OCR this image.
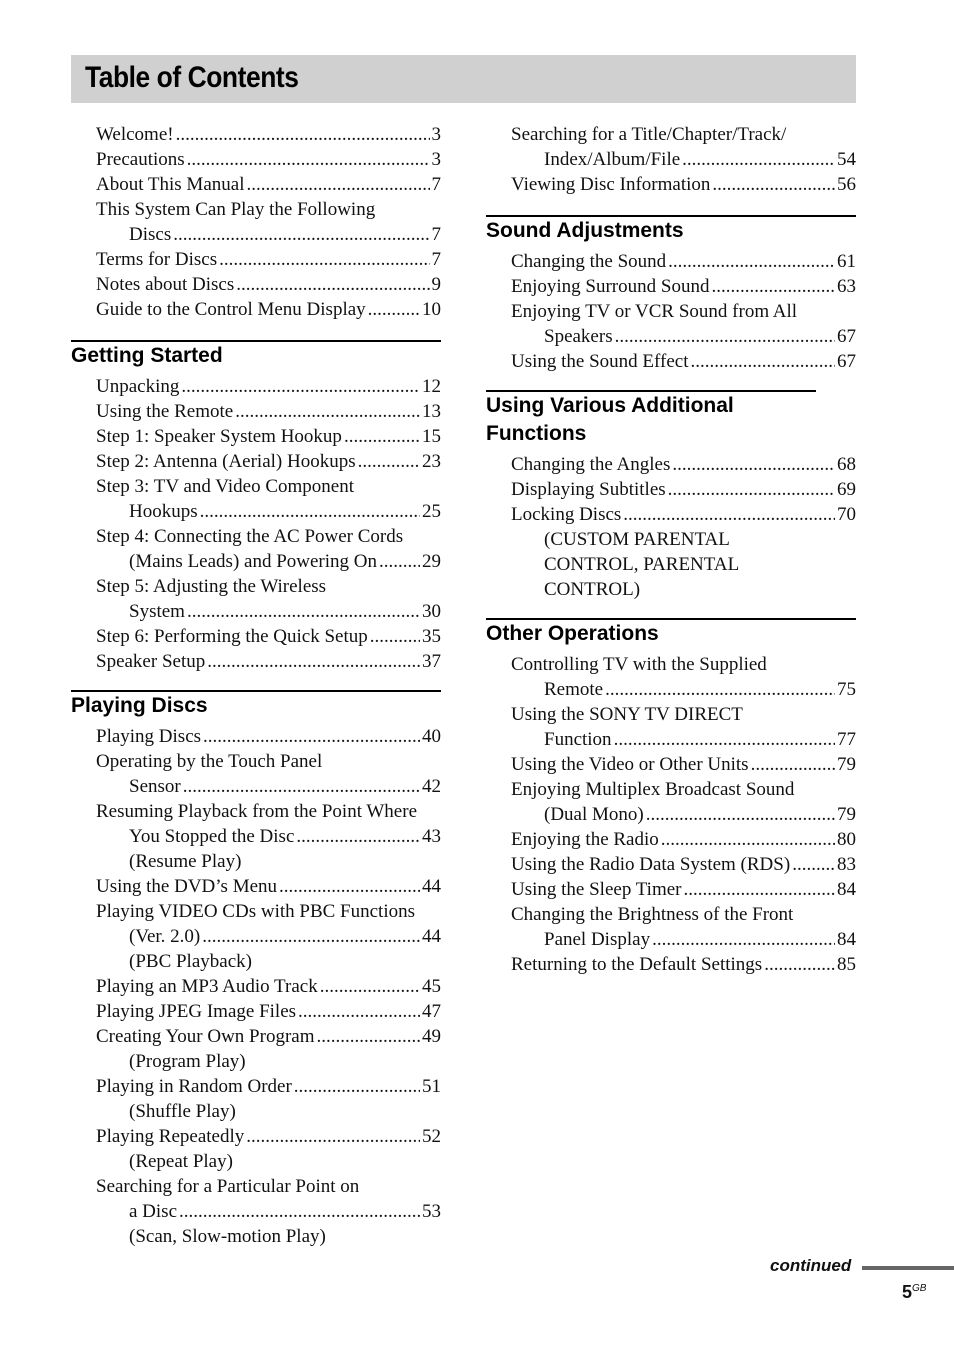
Table of Contents
Welcome! .....	3
Precautions .....	3
About This Manual .....	7
This System Can Play the Following
Discs .....	7
Terms for Discs .....	7
Notes about Discs .....	9
Guide to the Control Menu Display .....	10
Getting Started
Unpacking .....	12
Using the Remote .....	13
Step 1: Speaker System Hookup .....	15
Step 2: Antenna (Aerial) Hookups .....	23
Step 3: TV and Video Component
Hookups .....	25
Step 4: Connecting the AC Power Cords
(Mains Leads) and Powering On ..... 29
Step 5: Adjusting the Wireless
System .....	30
Step 6: Performing the Quick Setup .....	35
Speaker Setup .....	37
Playing Discs
Playing Discs .....	40
Operating by the Touch Panel
Sensor .....	42
Resuming Playback from the Point Where
You Stopped the Disc .....	43
(Resume Play)
Using the DVD’s Menu .....	44
Playing VIDEO CDs with PBC Functions
(Ver. 2.0) .....	44
(PBC Playback)
Playing an MP3 Audio Track .....	45
Playing JPEG Image Files .....	47
Creating Your Own Program .....	49
(Program Play)
Playing in Random Order .....	51
(Shuffle Play)
Playing Repeatedly .....	52
(Repeat Play)
Searching for a Particular Point on
a Disc .....	53
(Scan, Slow-motion Play)
Searching for a Title/Chapter/Track/
Index/Album/File .....	54
Viewing Disc Information .....	56
Sound Adjustments
Changing the Sound .....	61
Enjoying Surround Sound .....	63
Enjoying TV or VCR Sound from All
Speakers .....	67
Using the Sound Effect .....	67
Using Various Additional Functions
Changing the Angles .....	68
Displaying Subtitles .....	69
Locking Discs .....	70
(CUSTOM PARENTAL
CONTROL, PARENTAL
CONTROL)
Other Operations
Controlling TV with the Supplied
Remote .....	75
Using the SONY TV DIRECT
Function .....	77
Using the Video or Other Units .....	79
Enjoying Multiplex Broadcast Sound
(Dual Mono) .....	79
Enjoying the Radio .....	80
Using the Radio Data System (RDS) ..... 83
Using the Sleep Timer .....	84
Changing the Brightness of the Front
Panel Display .....	84
Returning to the Default Settings .....	85
continued
$5^{GB}$
